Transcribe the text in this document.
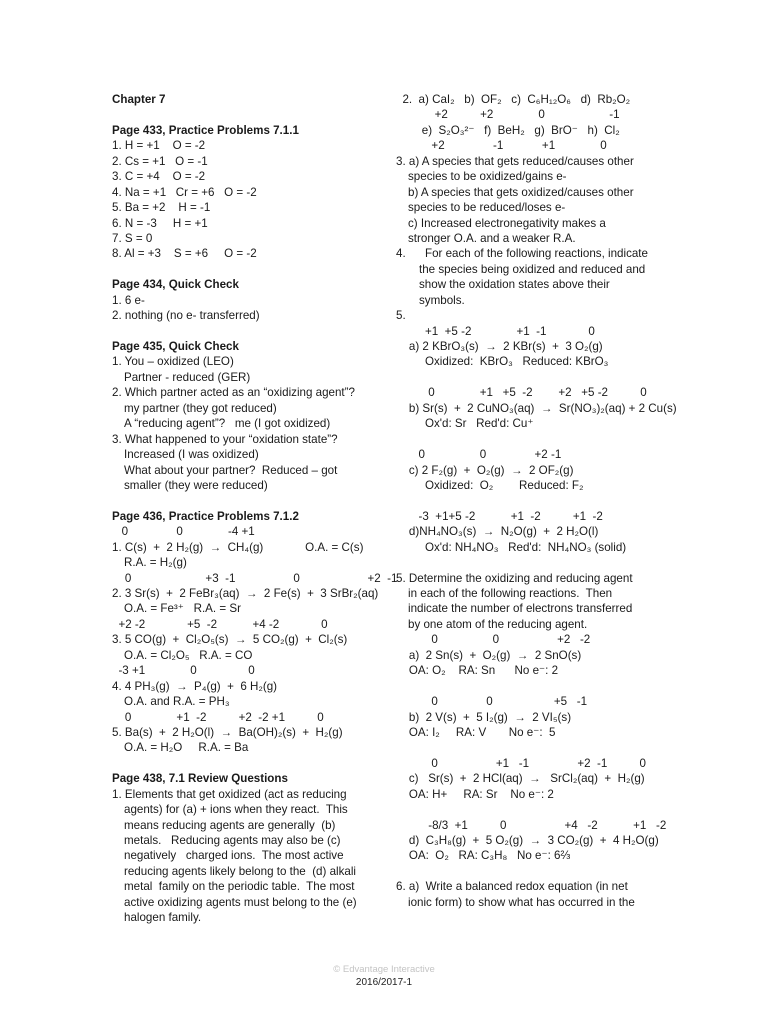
Chapter 7
Page 433, Practice Problems 7.1.1
1. H = +1    O = -2
2. Cs = +1   O = -1
3. C = +4    O = -2
4. Na = +1   Cr = +6   O = -2
5. Ba = +2    H = -1
6. N = -3     H = +1
7. S = 0
8. Al = +3    S = +6     O = -2
Page 434, Quick Check
1. 6 e-
2. nothing (no e- transferred)
Page 435, Quick Check
1. You – oxidized (LEO)
Partner - reduced (GER)
2. Which partner acted as an “oxidizing agent”?
my partner (they got reduced)
A “reducing agent”?   me (I got oxidized)
3. What happened to your “oxidation state”?
Increased (I was oxidized)
What about your partner?  Reduced – got
smaller (they were reduced)
Page 436, Practice Problems 7.1.2
0               0              -4 +1
1. C(s)  +  2 H₂(g)  →  CH₄(g)             O.A. = C(s)
R.A. = H₂(g)
0                       +3  -1                  0                     +2  -1
2. 3 Sr(s)  +  2 FeBr₃(aq)  →  2 Fe(s)  +  3 SrBr₂(aq)
O.A. = Fe³⁺   R.A. = Sr
+2 -2             +5  -2           +4 -2             0
3. 5 CO(g)  +  Cl₂O₅(s)  →  5 CO₂(g)  +  Cl₂(s)
O.A. = Cl₂O₅   R.A. = CO
-3 +1              0                0
4. 4 PH₃(g)  →  P₄(g)  +  6 H₂(g)
O.A. and R.A. = PH₃
0              +1  -2          +2  -2 +1          0
5. Ba(s)  +  2 H₂O(l)  →  Ba(OH)₂(s)  +  H₂(g)
O.A. = H₂O     R.A. = Ba
Page 438, 7.1 Review Questions
1. Elements that get oxidized (act as reducing
agents) for (a) + ions when they react.  This
means reducing agents are generally  (b)
metals.   Reducing agents may also be (c)
negatively   charged ions.  The most active
reducing agents likely belong to the  (d) alkali
metal  family on the periodic table.  The most
active oxidizing agents must belong to the (e)
halogen family.
2.  a) CaI₂   b)  OF₂   c)  C₆H₁₂O₆   d)  Rb₂O₂
+2          +2              0                    -1
e)  S₂O₃²⁻   f)  BeH₂   g)  BrO⁻   h)  Cl₂
+2               -1            +1              0
3. a) A species that gets reduced/causes other
species to be oxidized/gains e-
b) A species that gets oxidized/causes other
species to be reduced/loses e-
c) Increased electronegativity makes a
stronger O.A. and a weaker R.A.
4.      For each of the following reactions, indicate
the species being oxidized and reduced and
show the oxidation states above their
symbols.
5.
+1  +5 -2              +1  -1             0
a) 2 KBrO₃(s)  →  2 KBr(s)  +  3 O₂(g)
Oxidized:  KBrO₃   Reduced: KBrO₃
0              +1   +5  -2        +2   +5 -2          0
b) Sr(s)  +  2 CuNO₃(aq)  →  Sr(NO₃)₂(aq) + 2 Cu(s)
Ox'd: Sr   Red'd: Cu⁺
0                 0               +2 -1
c) 2 F₂(g)  +  O₂(g)  →  2 OF₂(g)
Oxidized:  O₂        Reduced: F₂
-3  +1+5 -2           +1  -2          +1  -2
d)NH₄NO₃(s)  →  N₂O(g)  +  2 H₂O(l)
Ox'd: NH₄NO₃   Red'd:  NH₄NO₃ (solid)
5. Determine the oxidizing and reducing agent
in each of the following reactions.  Then
indicate the number of electrons transferred
by one atom of the reducing agent.
0                 0                  +2   -2
a)  2 Sn(s)  +  O₂(g)  →  2 SnO(s)
OA: O₂    RA: Sn      No e⁻: 2
0               0                   +5   -1
b)  2 V(s)  +  5 I₂(g)  →  2 VI₅(s)
OA: I₂     RA: V       No e⁻:  5
0                  +1   -1               +2  -1          0
c)   Sr(s)  +  2 HCl(aq)  →   SrCl₂(aq)  +  H₂(g)
OA: H+     RA: Sr    No e⁻: 2
-8/3  +1          0                  +4   -2           +1   -2
d)  C₃H₈(g)  +  5 O₂(g)  →  3 CO₂(g)  +  4 H₂O(g)
OA:  O₂   RA: C₃H₈   No e⁻: 6⅔
6. a)  Write a balanced redox equation (in net
ionic form) to show what has occurred in the
© Edvantage Interactive
2016/2017-1
